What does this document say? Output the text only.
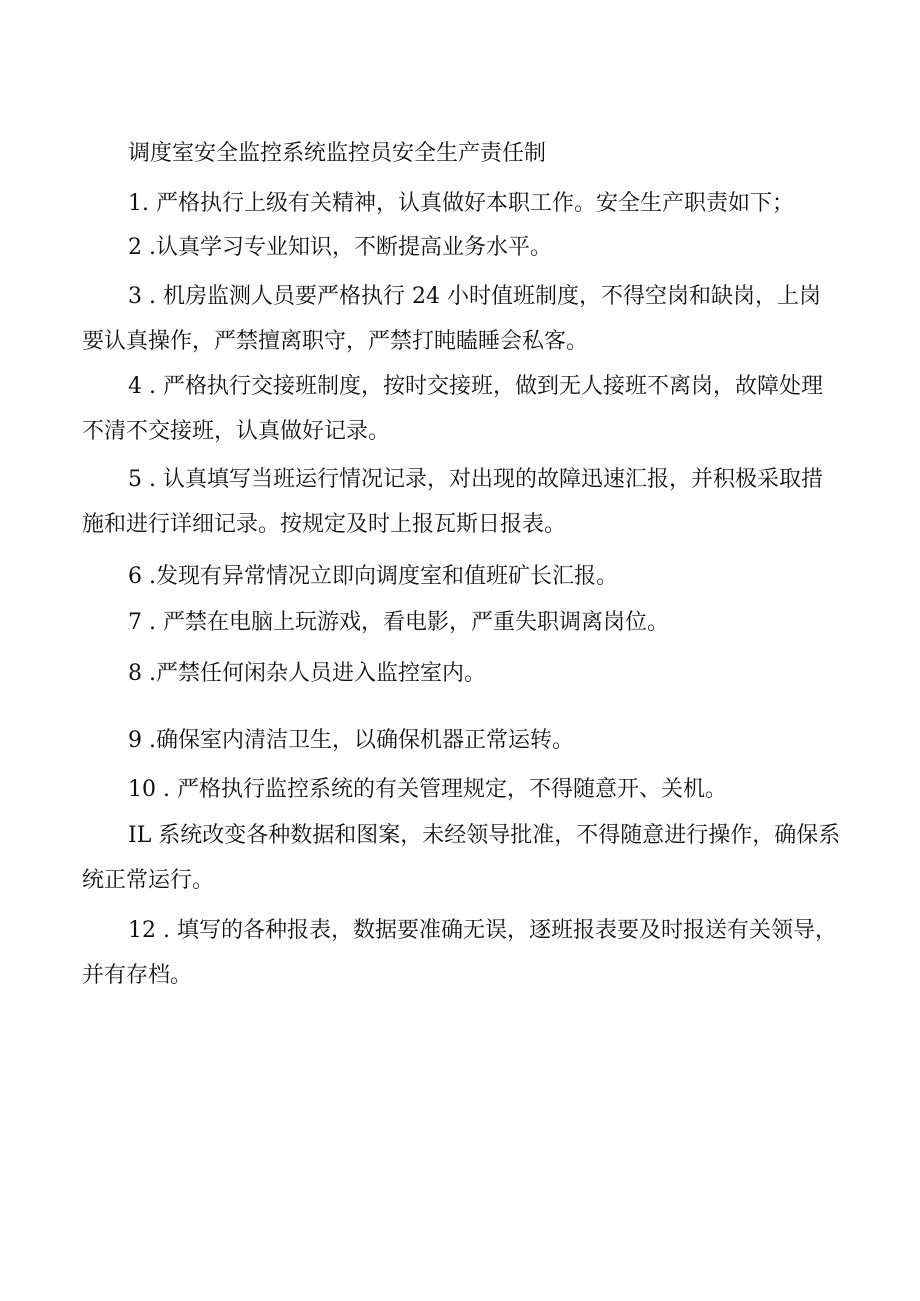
调度室安全监控系统监控员安全生产责任制

1. 严格执行上级有关精神，认真做好本职工作。安全生产职责如下；

2 .认真学习专业知识，不断提高业务水平。

3 . 机房监测人员要严格执行 24 小时值班制度，不得空岗和缺岗，上岗要认真操作，严禁擅离职守，严禁打盹瞌睡会私客。

4 . 严格执行交接班制度，按时交接班，做到无人接班不离岗，故障处理不清不交接班，认真做好记录。

5 . 认真填写当班运行情况记录，对出现的故障迅速汇报，并积极采取措施和进行详细记录。按规定及时上报瓦斯日报表。

6 .发现有异常情况立即向调度室和值班矿长汇报。

7 . 严禁在电脑上玩游戏，看电影，严重失职调离岗位。

8 .严禁任何闲杂人员进入监控室内。

9 .确保室内清洁卫生，以确保机器正常运转。

10 . 严格执行监控系统的有关管理规定，不得随意开、关机。

IL 系统改变各种数据和图案，未经领导批准，不得随意进行操作，确保系统正常运行。

12 . 填写的各种报表，数据要准确无误，逐班报表要及时报送有关领导，并有存档。
